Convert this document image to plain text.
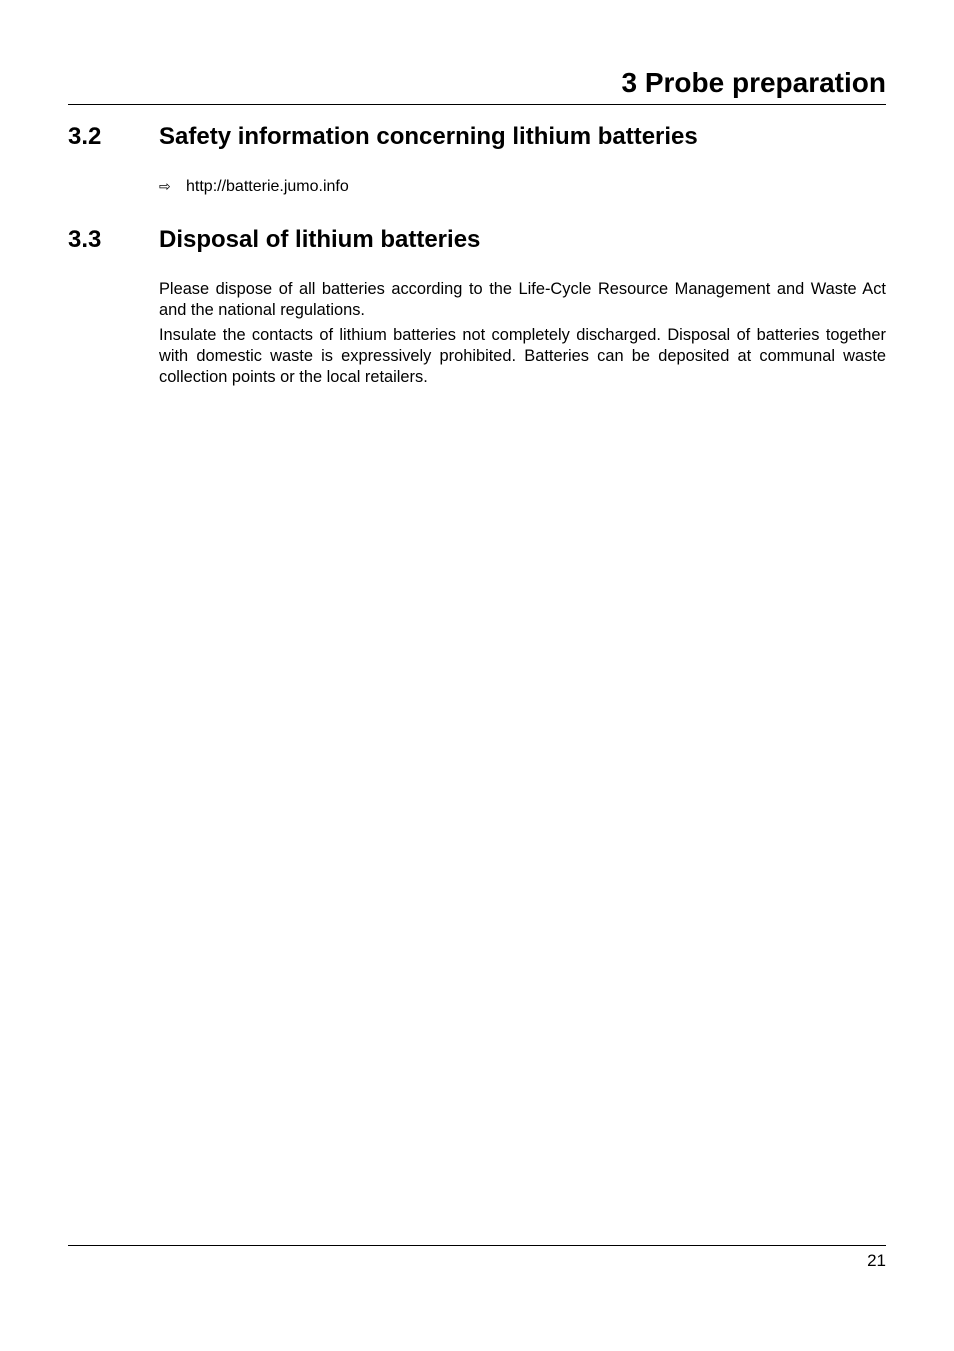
3 Probe preparation
3.2 Safety information concerning lithium batteries
⇨ http://batterie.jumo.info
3.3 Disposal of lithium batteries

Please dispose of all batteries according to the Life-Cycle Resource Management and Waste Act and the national regulations.

Insulate the contacts of lithium batteries not completely discharged. Disposal of batteries together with domestic waste is expressively prohibited. Batteries can be deposited at communal waste collection points or the local retailers.

21
